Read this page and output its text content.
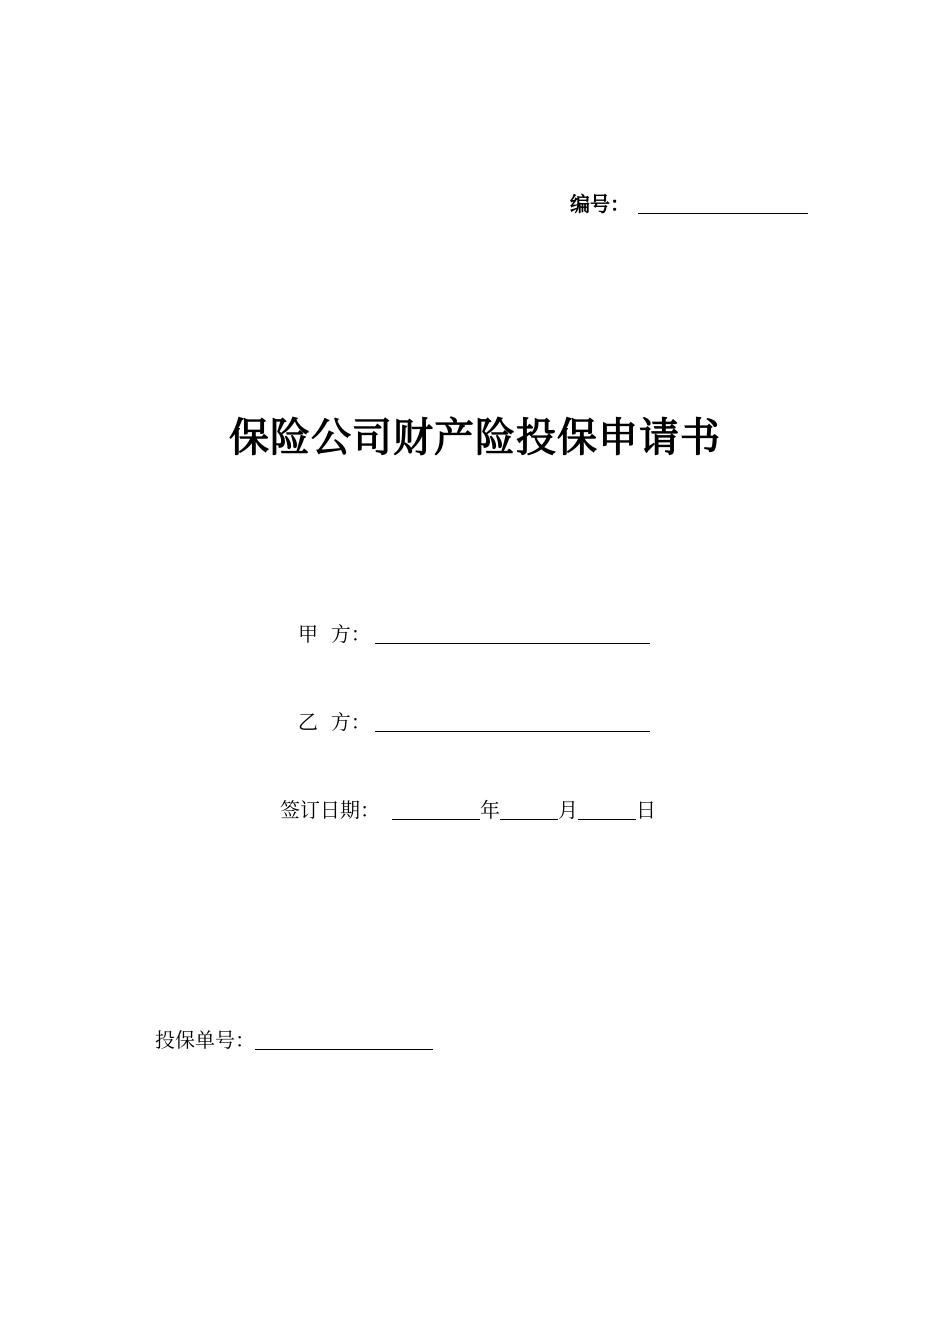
编号：
保险公司财产险投保申请书
甲  方：
乙  方：
签订日期：	年	月	日
投保单号：
